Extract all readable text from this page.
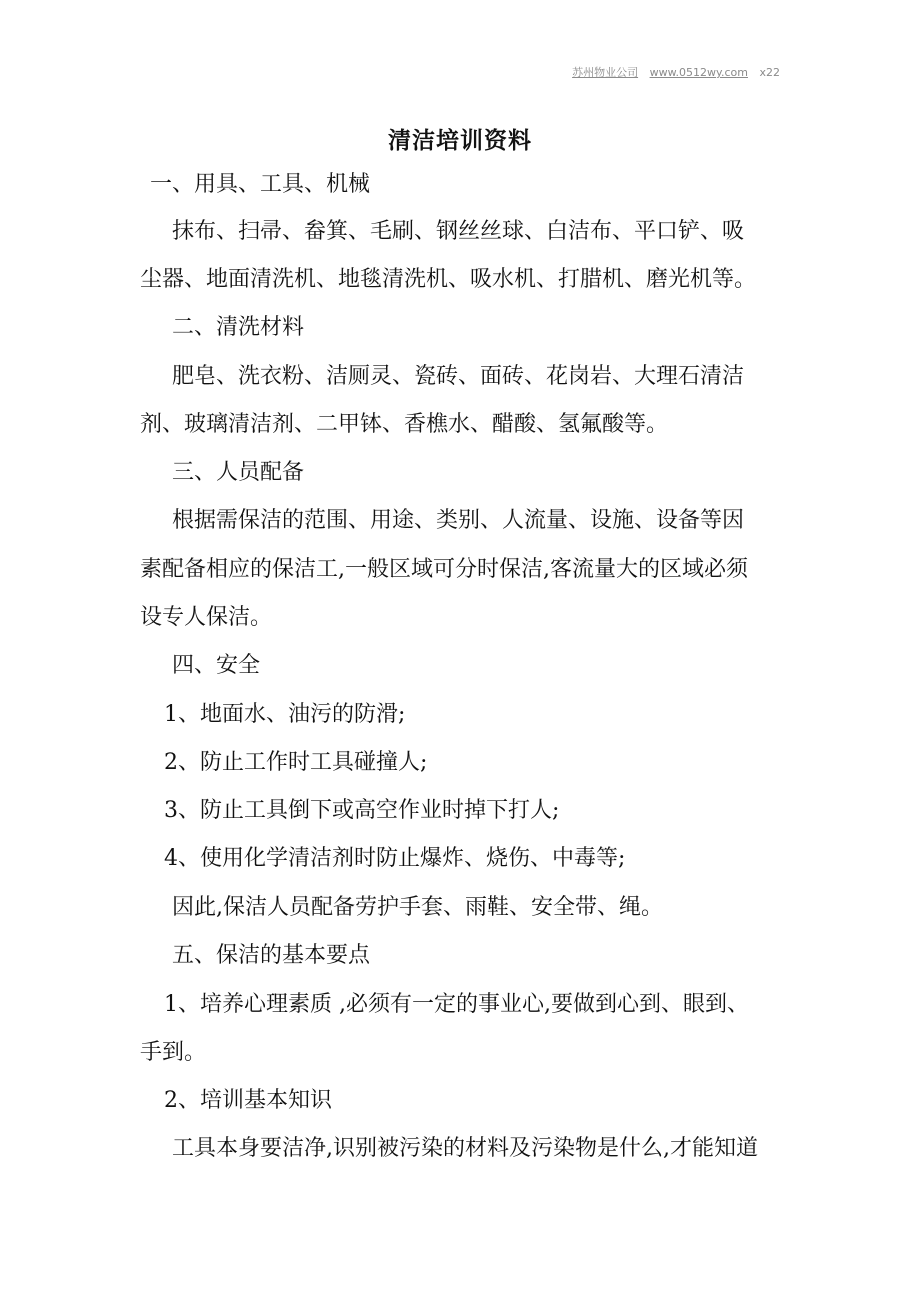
苏州物业公司 www.0512wy.com x22
清洁培训资料

一、用具、工具、机械

抹布、扫帚、畚箕、毛刷、钢丝丝球、白洁布、平口铲、吸

尘器、地面清洗机、地毯清洗机、吸水机、打腊机、磨光机等。

二、清洗材料

肥皂、洗衣粉、洁厕灵、瓷砖、面砖、花岗岩、大理石清洁

剂、玻璃清洁剂、二甲钵、香樵水、醋酸、氢氟酸等。

三、人员配备

根据需保洁的范围、用途、类别、人流量、设施、设备等因

素配备相应的保洁工,一般区域可分时保洁,客流量大的区域必须

设专人保洁。

四、安全

1、地面水、油污的防滑;

2、防止工作时工具碰撞人;

3、防止工具倒下或高空作业时掉下打人;

4、使用化学清洁剂时防止爆炸、烧伤、中毒等;

因此,保洁人员配备劳护手套、雨鞋、安全带、绳。

五、保洁的基本要点

1、培养心理素质 ,必须有一定的事业心,要做到心到、眼到、

手到。

2、培训基本知识

工具本身要洁净,识别被污染的材料及污染物是什么,才能知道
